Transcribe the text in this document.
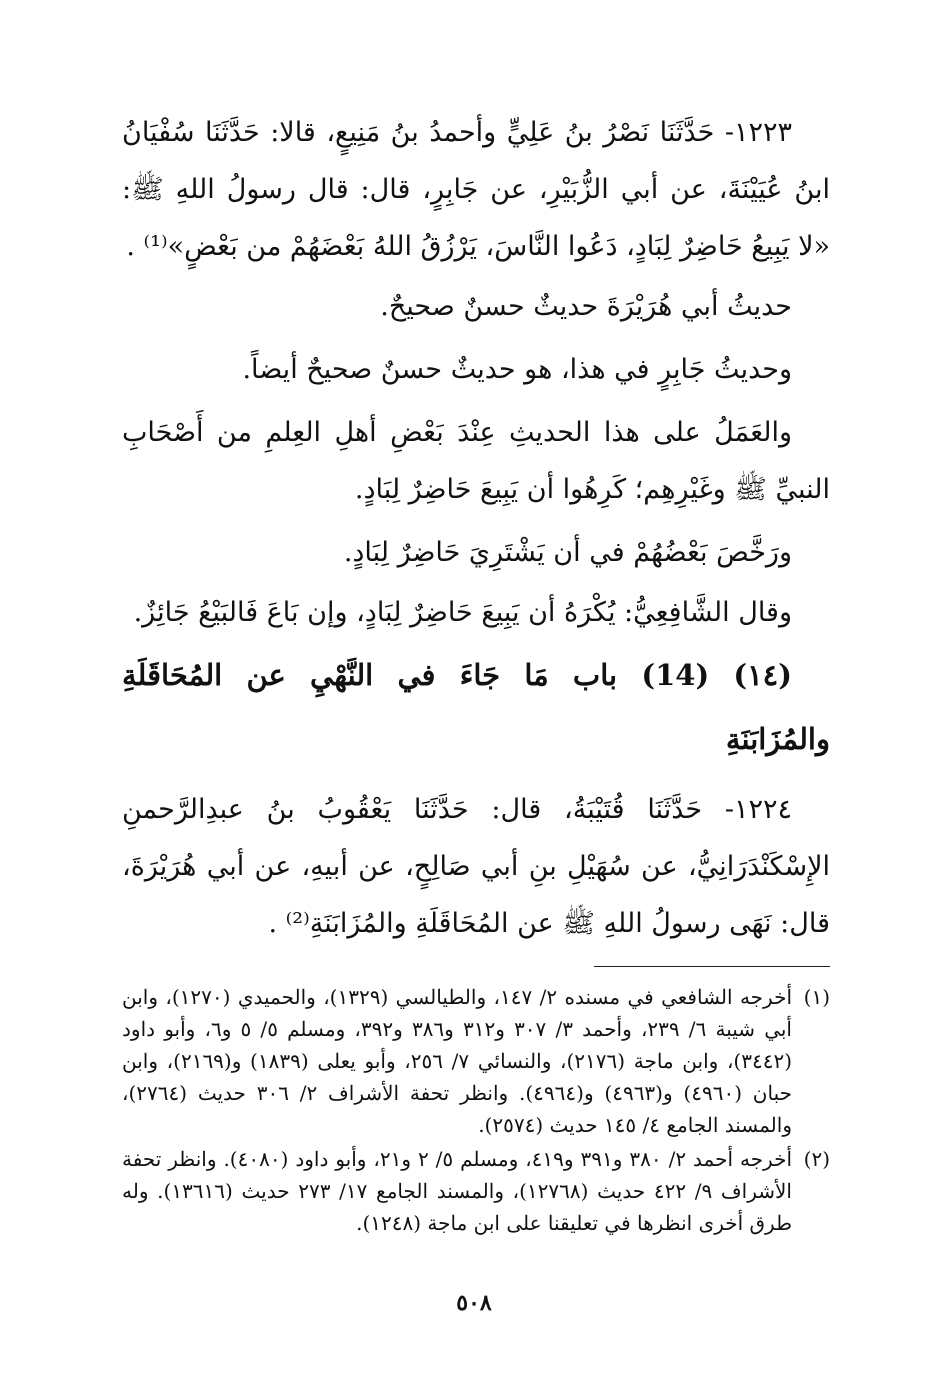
١٢٢٣- حَدَّثَنَا نَصْرُ بنُ عَلِيٍّ وأحمدُ بنُ مَنِيعٍ، قالا: حَدَّثَنَا سُفْيَانُ ابنُ عُيَيْنَةَ، عن أبي الزُّبَيْرِ، عن جَابِرٍ، قال: قال رسولُ اللهِ ﷺ: «لا يَبِيعُ حَاضِرٌ لِبَادٍ، دَعُوا النَّاسَ، يَرْزُقُ اللهُ بَعْضَهُمْ من بَعْضٍ»⁽¹⁾ .

حديثُ أبي هُرَيْرَةَ حديثٌ حسنٌ صحيحٌ.

وحديثُ جَابِرٍ في هذا، هو حديثٌ حسنٌ صحيحٌ أيضاً.

والعَمَلُ على هذا الحديثِ عِنْدَ بَعْضِ أهلِ العِلمِ من أَصْحَابِ النبيِّ ﷺ وغَيْرِهِم؛ كَرِهُوا أن يَبِيعَ حَاضِرٌ لِبَادٍ.

ورَخَّصَ بَعْضُهُمْ في أن يَشْتَرِيَ حَاضِرٌ لِبَادٍ.

وقال الشَّافِعِيُّ: يُكْرَهُ أن يَبِيعَ حَاضِرٌ لِبَادٍ، وإن بَاعَ فَالبَيْعُ جَائِزٌ.

(١٤) (14) باب مَا جَاءَ في النَّهْيِ عن المُحَاقَلَةِ والمُزَابَنَةِ

١٢٢٤- حَدَّثَنَا قُتَيْبَةُ، قال: حَدَّثَنَا يَعْقُوبُ بنُ عبدِالرَّحمنِ الإِسْكَنْدَرَانِيُّ، عن سُهَيْلِ بنِ أبي صَالِحٍ، عن أبيهِ، عن أبي هُرَيْرَةَ، قال: نَهَى رسولُ اللهِ ﷺ عن المُحَاقَلَةِ والمُزَابَنَةِ⁽²⁾ .

(١)
أخرجه الشافعي في مسنده ٢/ ١٤٧، والطيالسي (١٣٢٩)، والحميدي (١٢٧٠)، وابن أبي شيبة ٦/ ٢٣٩، وأحمد ٣/ ٣٠٧ و٣١٢ و٣٨٦ و٣٩٢، ومسلم ٥/ ٥ و٦، وأبو داود (٣٤٤٢)، وابن ماجة (٢١٧٦)، والنسائي ٧/ ٢٥٦، وأبو يعلى (١٨٣٩) و(٢١٦٩)، وابن حبان (٤٩٦٠) و(٤٩٦٣) و(٤٩٦٤). وانظر تحفة الأشراف ٢/ ٣٠٦ حديث (٢٧٦٤)، والمسند الجامع ٤/ ١٤٥ حديث (٢٥٧٤).
(٢)
أخرجه أحمد ٢/ ٣٨٠ و٣٩١ و٤١٩، ومسلم ٥/ ٢ و٢١، وأبو داود (٤٠٨٠). وانظر تحفة الأشراف ٩/ ٤٢٢ حديث (١٢٧٦٨)، والمسند الجامع ١٧/ ٢٧٣ حديث (١٣٦١٦). وله طرق أخرى انظرها في تعليقنا على ابن ماجة (١٢٤٨).
٥٠٨
